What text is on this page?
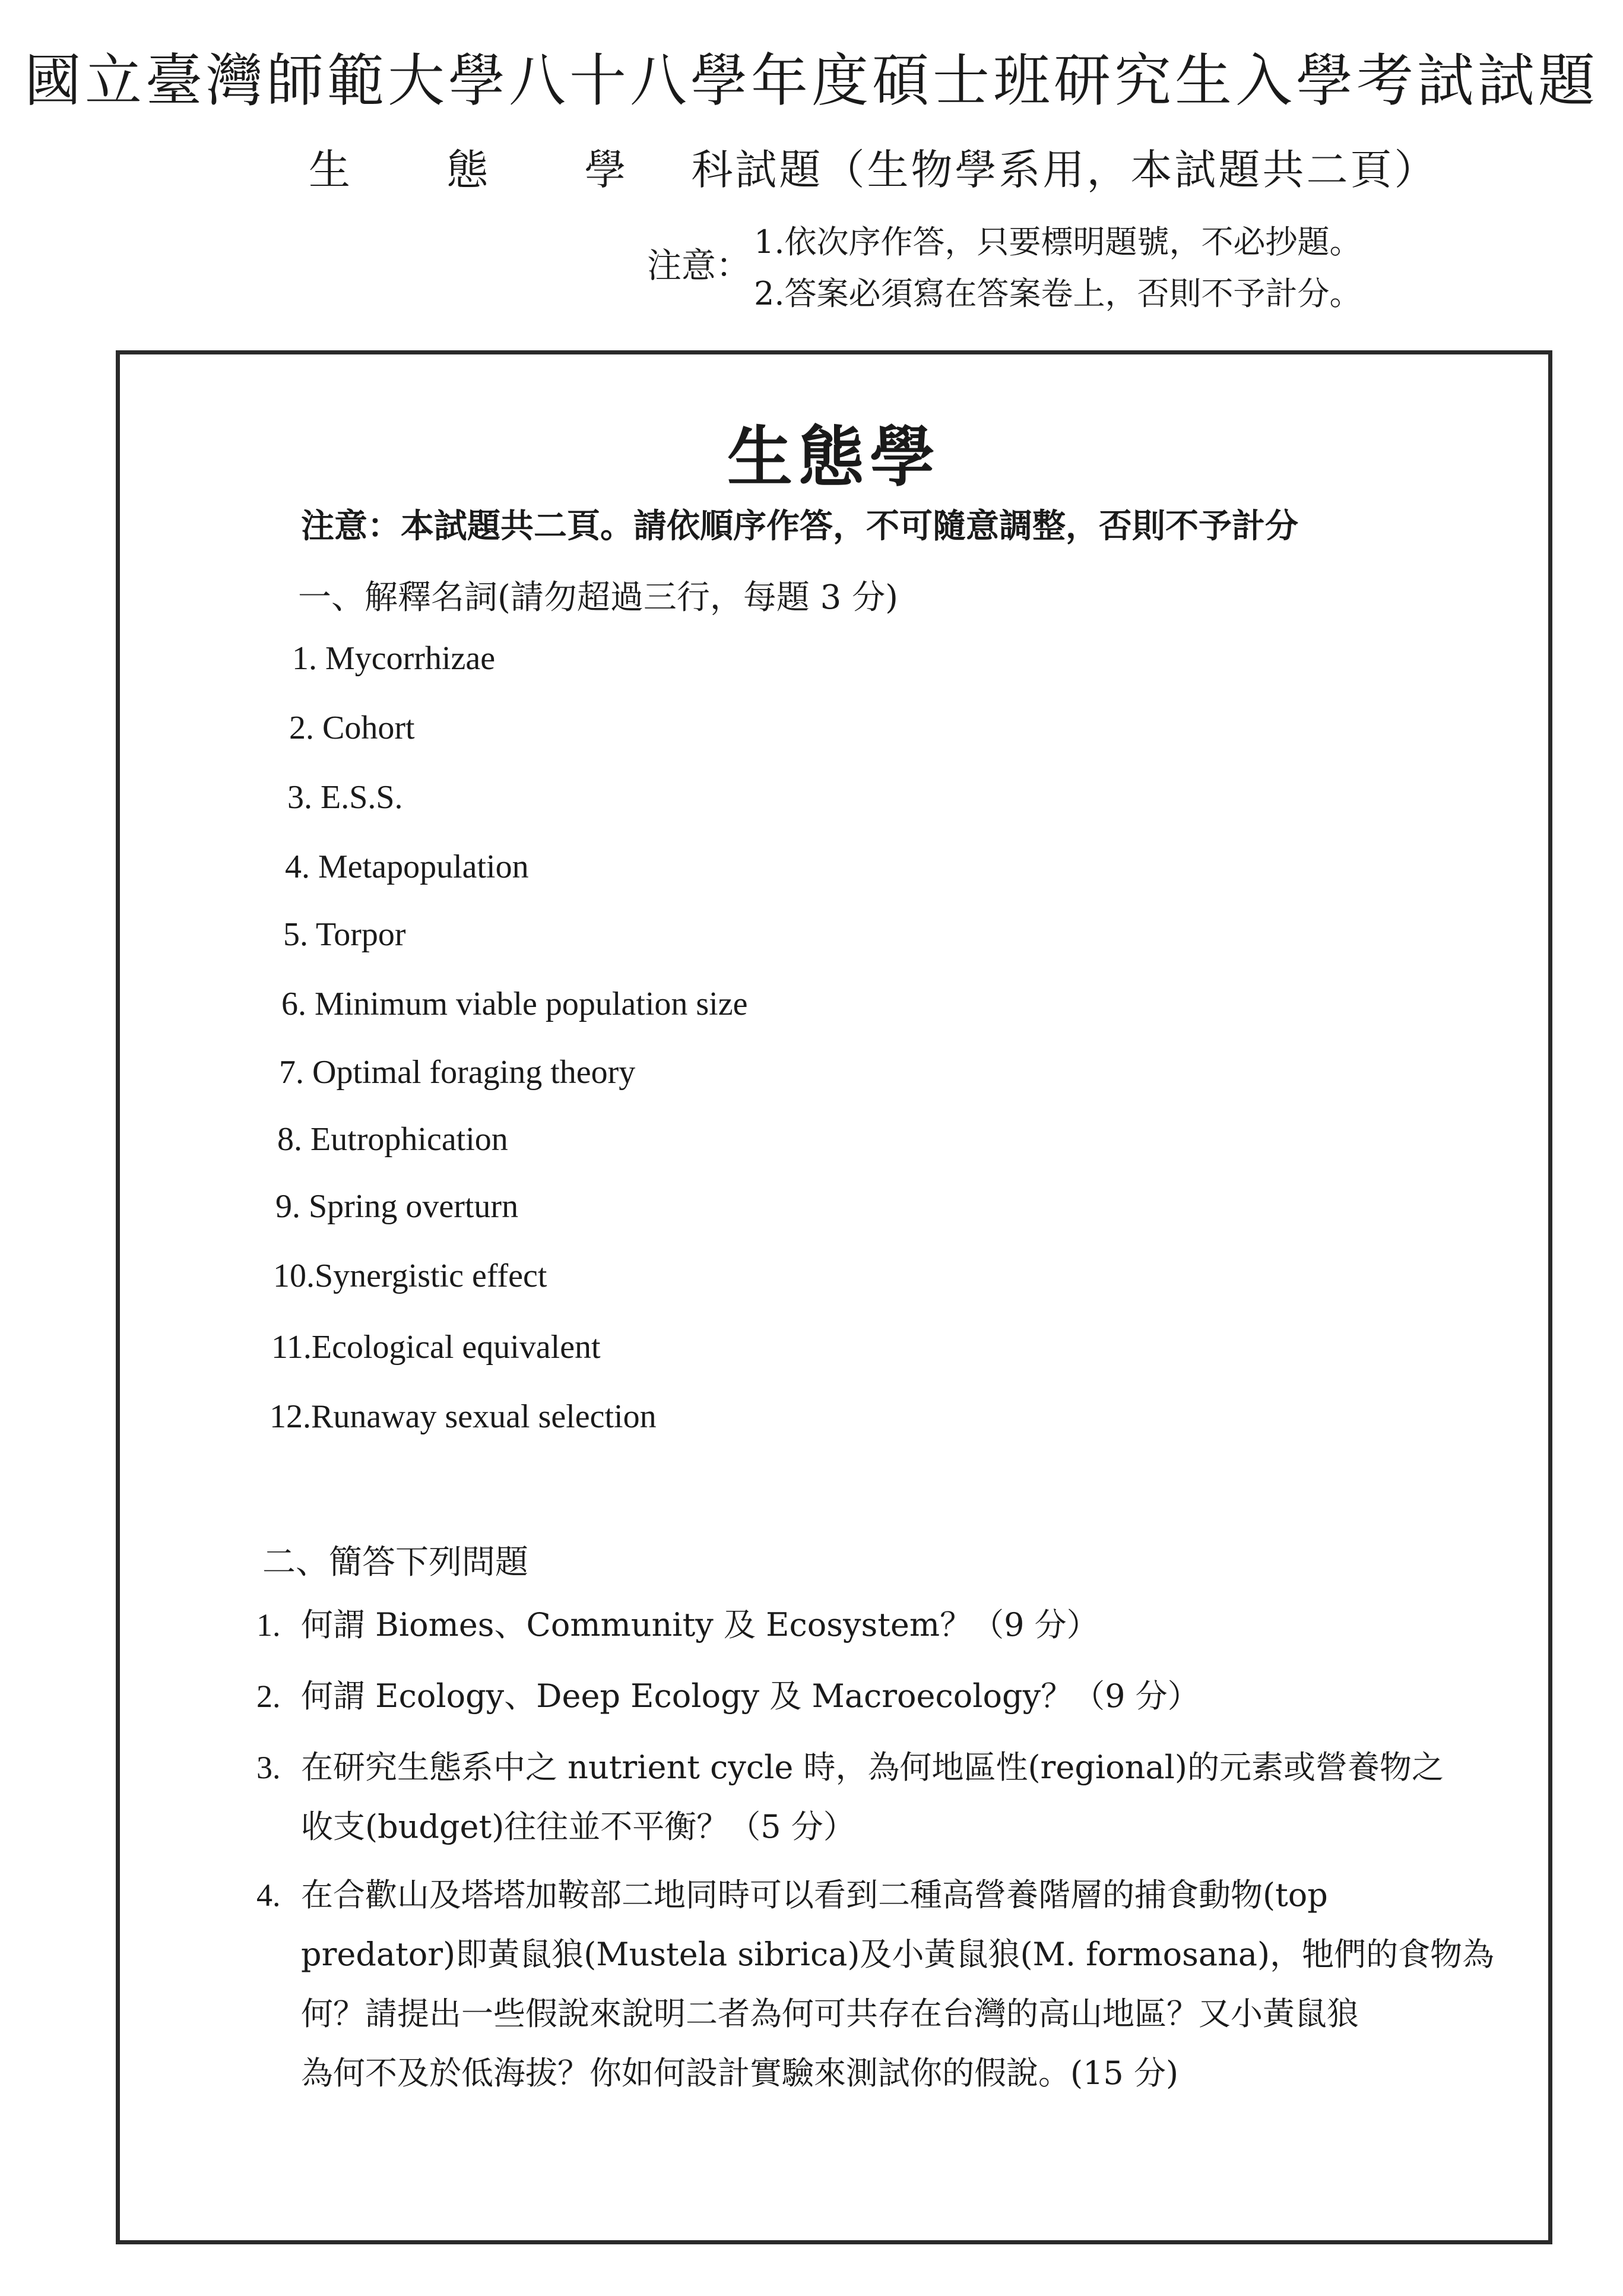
國立臺灣師範大學八十八學年度碩士班研究生入學考試試題
生 態 學 科試題（生物學系用，本試題共二頁）
注意：
1.依次序作答，只要標明題號，不必抄題。
2.答案必須寫在答案卷上，否則不予計分。
生態學
注意：本試題共二頁。請依順序作答，不可隨意調整，否則不予計分
一、解釋名詞(請勿超過三行，每題 3 分)
1. Mycorrhizae
2. Cohort
3. E.S.S.
4. Metapopulation
5. Torpor
6. Minimum viable population size
7. Optimal foraging theory
8. Eutrophication
9. Spring overturn
10.Synergistic effect
11.Ecological equivalent
12.Runaway sexual selection
二、簡答下列問題
1. 何謂 Biomes、Community 及 Ecosystem？（9 分）
2. 何謂 Ecology、Deep Ecology 及 Macroecology？（9 分）
3. 在研究生態系中之 nutrient cycle 時，為何地區性(regional)的元素或營養物之
收支(budget)往往並不平衡？（5 分）
4. 在合歡山及塔塔加鞍部二地同時可以看到二種高營養階層的捕食動物(top
predator)即黃鼠狼(Mustela sibrica)及小黃鼠狼(M. formosana)，牠們的食物為
何？請提出一些假說來說明二者為何可共存在台灣的高山地區？又小黃鼠狼
為何不及於低海拔？你如何設計實驗來測試你的假說。(15 分)
